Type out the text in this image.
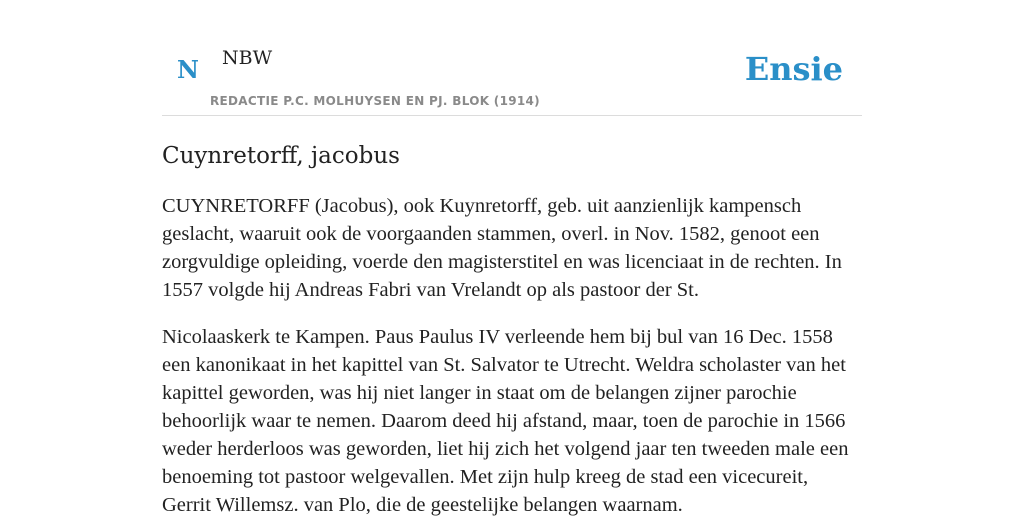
N NBW
REDACTIE P.C. MOLHUYSEN EN PJ. BLOK (1914)
Ensie
Cuynretorff, jacobus

CUYNRETORFF (Jacobus), ook Kuynretorff, geb. uit aanzienlijk kampensch geslacht, waaruit ook de voorgaanden stammen, overl. in Nov. 1582, genoot een zorgvuldige opleiding, voerde den magisterstitel en was licenciaat in de rechten. In 1557 volgde hij Andreas Fabri van Vrelandt op als pastoor der St.

Nicolaaskerk te Kampen. Paus Paulus IV verleende hem bij bul van 16 Dec. 1558 een kanonikaat in het kapittel van St. Salvator te Utrecht. Weldra scholaster van het kapittel geworden, was hij niet langer in staat om de belangen zijner parochie behoorlijk waar te nemen. Daarom deed hij afstand, maar, toen de parochie in 1566 weder herderloos was geworden, liet hij zich het volgend jaar ten tweeden male een benoeming tot pastoor welgevallen. Met zijn hulp kreeg de stad een vicecureit, Gerrit Willemsz. van Plo, die de geestelijke belangen waarnam.
